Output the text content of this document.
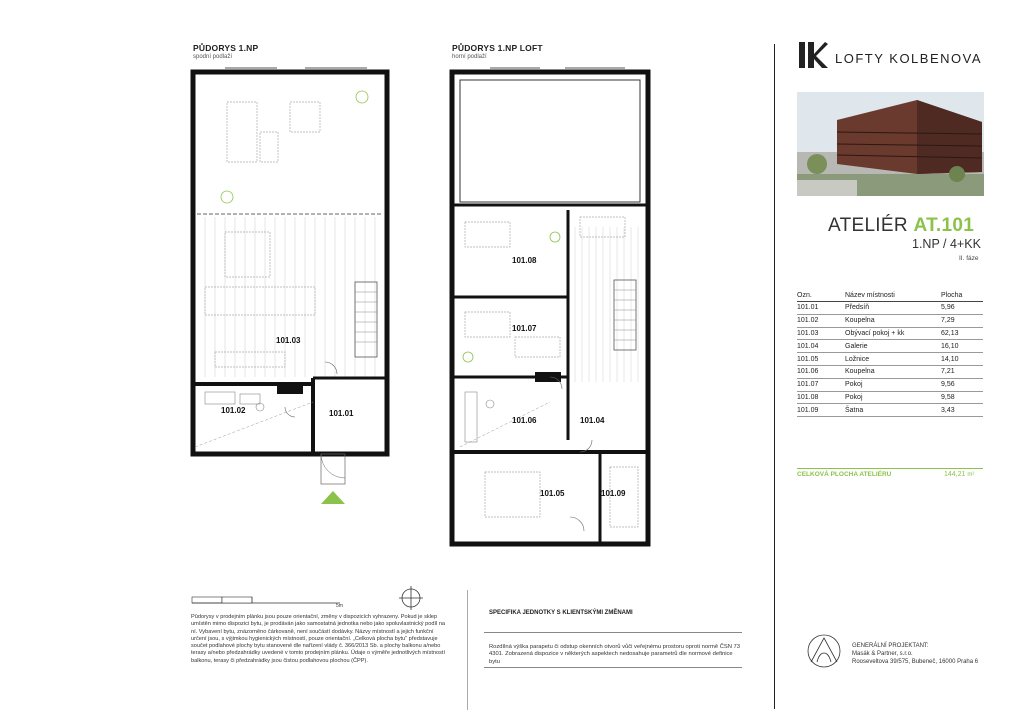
PŮDORYS 1.NP
spodní podlaží
101.03
101.02	101.01
PŮDORYS 1.NP LOFT
horní podlaží
101.08
101.07
101.06	101.04
101.05	101.09
LOFTY KOLBENOVA
ATELIÉR AT.101
1.NP / 4+KK
II. fáze
Ozn.	Název místnosti	Plocha
101.01	Předsíň	5,96
101.02	Koupelna	7,29
101.03	Obývací pokoj + kk	62,13
101.04	Galerie	16,10
101.05	Ložnice	14,10
101.06	Koupelna	7,21
101.07	Pokoj	9,56
101.08	Pokoj	9,58
101.09	Šatna	3,43
CELKOVÁ PLOCHA ATELIÉRU	144,21 m²
5m
Půdorysy v prodejním plánku jsou pouze orientační, změny v dispozicích vyhrazeny. Pokud je sklep umístěn mimo dispozici bytu, je prodáván jako samostatná jednotka nebo jako spoluvlastnický podíl na ní. Vybavení bytu, znázorněno čárkovaně, není součástí dodávky. Názvy místností a jejich funkční určení jsou, s výjimkou hygienických místností, pouze orientační. „Celková plocha bytu“ představuje součet podlahové plochy bytu stanovené dle nařízení vlády č. 366/2013 Sb. a plochy balkonu a/nebo terasy a/nebo předzahrádky uvedené v tomto prodejním plánku. Údaje o výměře jednotlivých místností balkonu, terasy či předzahrádky jsou čistou podlahovou plochou (ČPP).
SPECIFIKA JEDNOTKY S KLIENTSKÝMI ZMĚNAMI
Rozdílná výška parapetu či odstup okenních otvorů vůči veřejnému prostoru oproti normě ČSN 73 4301. Zobrazená dispozice v některých aspektech nedosahuje parametrů dle normové definice bytu
GENERÁLNÍ PROJEKTANT:
Masák & Partner, s.r.o.
Rooseveltova 39/575, Bubeneč, 16000 Praha 6
